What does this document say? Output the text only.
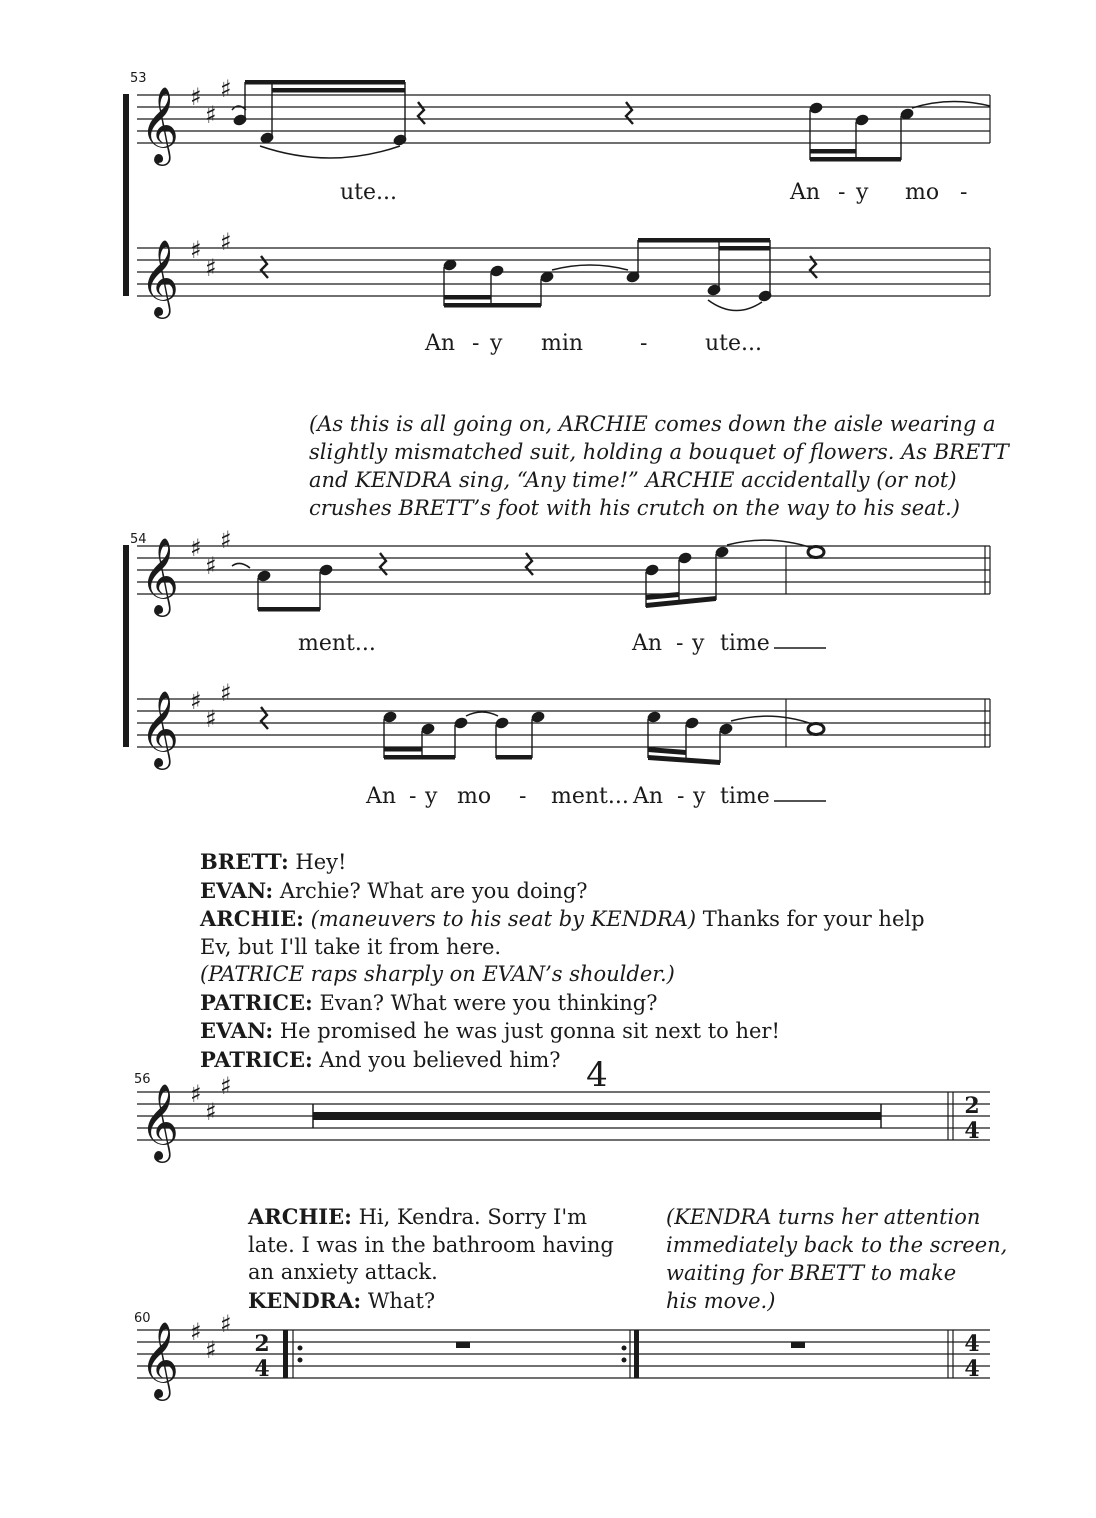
53
𝄞 ♯
♯
♯
ute...	An - y mo -
𝄞 ♯
♯
♯
An - y min	-	ute...
54
𝄞 ♯
♯
♯
ment...	An - y time
𝄞 ♯
♯
♯
An - y mo - ment... An - y time
56
𝄞 ♯
♯
♯	4
2
4
60
𝄞 ♯
♯
♯
2
4
4
4
(As this is all going on, ARCHIE comes down the aisle wearing a
slightly mismatched suit, holding a bouquet of flowers. As BRETT
and KENDRA sing, “Any time!” ARCHIE accidentally (or not)
crushes BRETT’s foot with his crutch on the way to his seat.)
BRETT: Hey!
EVAN: Archie? What are you doing?
ARCHIE: (maneuvers to his seat by KENDRA) Thanks for your help
Ev, but I'll take it from here.
(PATRICE raps sharply on EVAN’s shoulder.)
PATRICE: Evan? What were you thinking?
EVAN: He promised he was just gonna sit next to her!
PATRICE: And you believed him?
ARCHIE: Hi, Kendra. Sorry I'm
late. I was in the bathroom having
an anxiety attack.
KENDRA: What?
(KENDRA turns her attention
immediately back to the screen,
waiting for BRETT to make
his move.)
